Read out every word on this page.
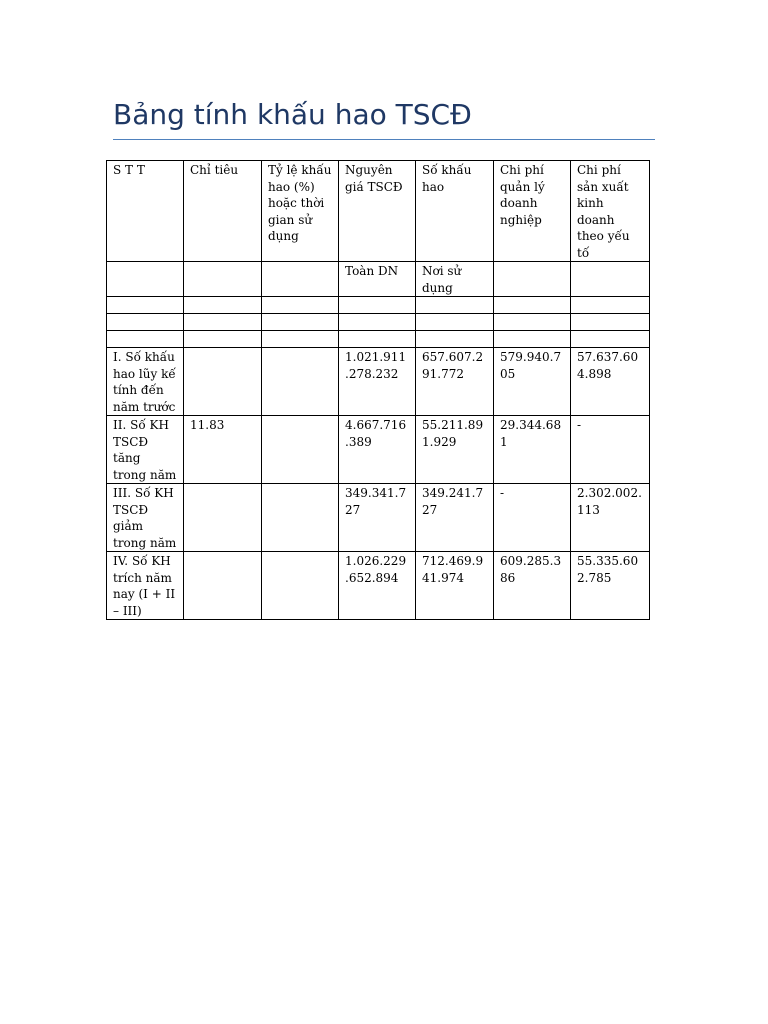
Bảng tính khấu hao TSCĐ
S T T	Chỉ tiêu	Tỷ lệ khấu hao (%) hoặc thời gian sử dụng	Nguyên giá TSCĐ	Số khấu hao	Chi phí quản lý doanh nghiệp	Chi phí sản xuất kinh doanh theo yếu tố
			Toàn DN	Nơi sử dụng		

I. Số khấu hao lũy kế tính đến năm trước			1.021.911.278.232	657.607.291.772	579.940.705	57.637.604.898
II. Số KH TSCĐ tăng trong năm	11.83		4.667.716.389	55.211.891.929	29.344.681	-
III. Số KH TSCĐ giảm trong năm			349.341.727	349.241.727	-	2.302.002.113
IV. Số KH trích năm nay (I + II – III)			1.026.229.652.894	712.469.941.974	609.285.386	55.335.602.785
